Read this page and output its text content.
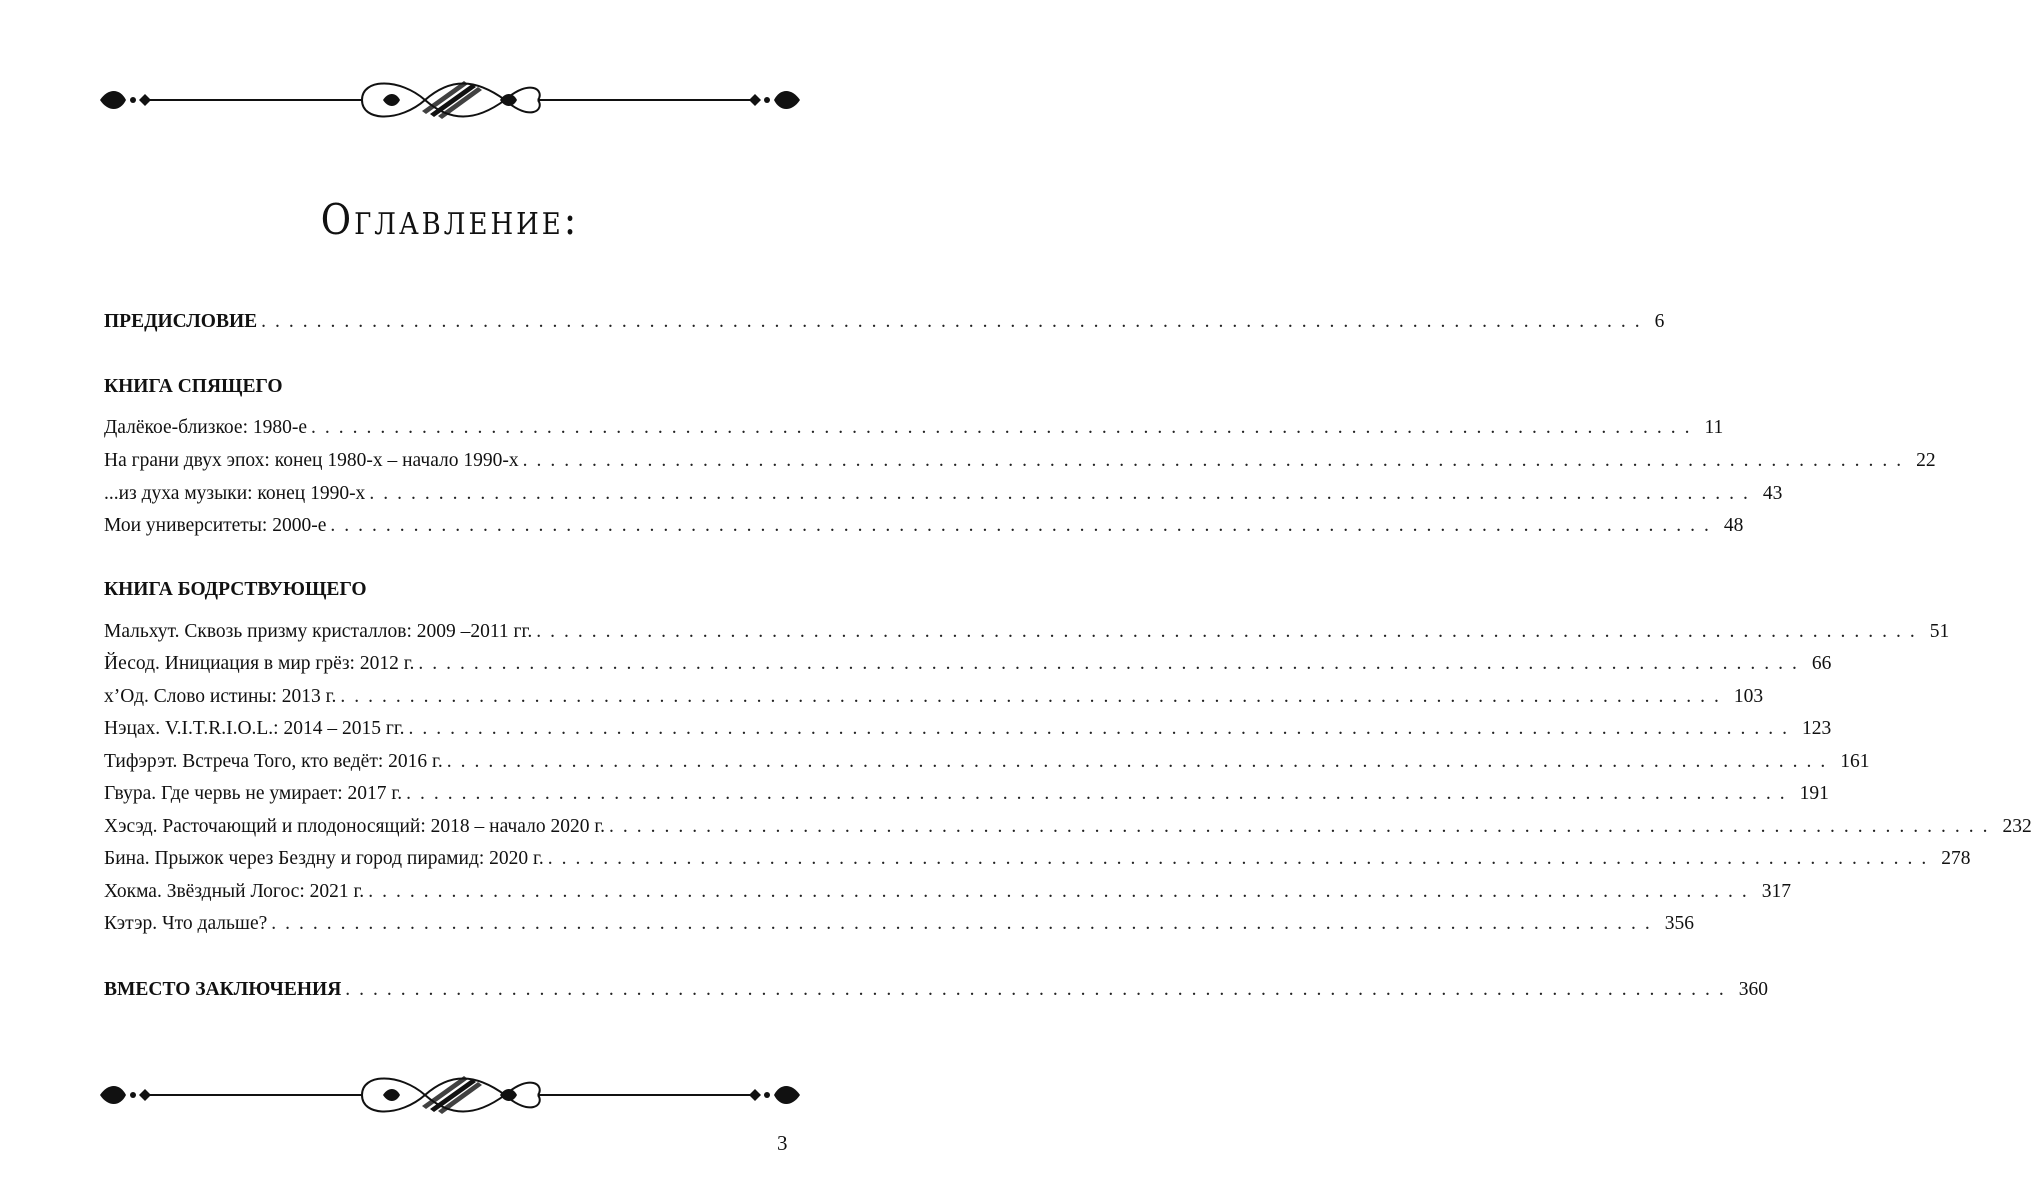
Оглавление:
ПРЕДИСЛОВИЕ .................................................................................................... 6
КНИГА СПЯЩЕГО
Далёкое-близкое: 1980-е .................................................................................................... 11
На грани двух эпох: конец 1980-х – начало 1990-х .................................................................................................... 22
...из духа музыки: конец 1990-х .................................................................................................... 43
Мои университеты: 2000-е .................................................................................................... 48
КНИГА БОДРСТВУЮЩЕГО
Мальхут. Сквозь призму кристаллов: 2009 –2011 гг. .................................................................................................... 51
Йесод. Инициация в мир грёз: 2012 г. .................................................................................................... 66
х’Од. Слово истины: 2013 г. .................................................................................................... 103
Нэцах. V.I.T.R.I.O.L.: 2014 – 2015 гг. .................................................................................................... 123
Тифэрэт. Встреча Того, кто ведёт: 2016 г. .................................................................................................... 161
Гвура. Где червь не умирает: 2017 г. .................................................................................................... 191
Хэсэд. Расточающий и плодоносящий: 2018 – начало 2020 г. .................................................................................................... 232
Бина. Прыжок через Бездну и город пирамид: 2020 г. .................................................................................................... 278
Хокма. Звёздный Логос: 2021 г. .................................................................................................... 317
Кэтэр. Что дальше? .................................................................................................... 356
ВМЕСТО ЗАКЛЮЧЕНИЯ .................................................................................................... 360
3
